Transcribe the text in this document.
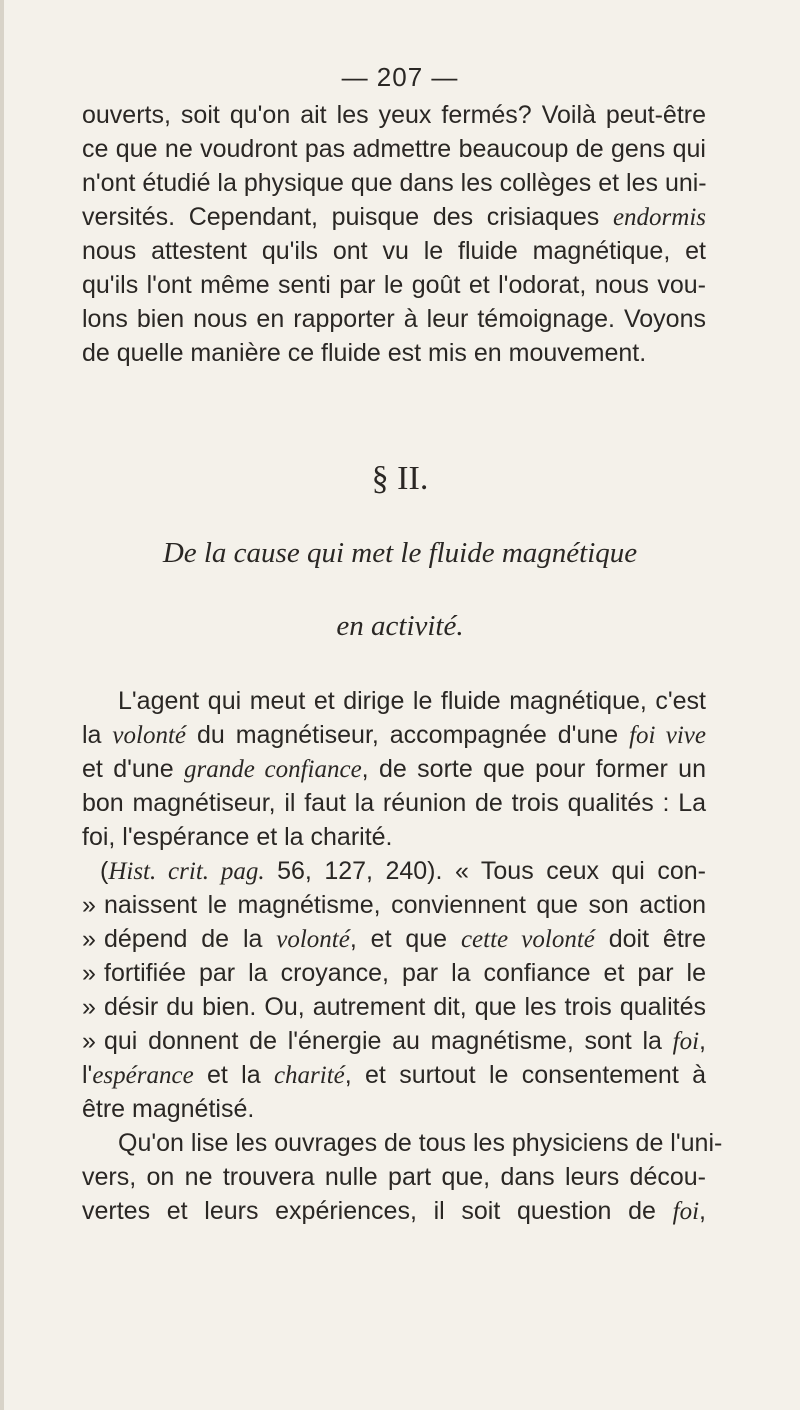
— 207 —
ouverts, soit qu'on ait les yeux fermés? Voilà peut-être
ce que ne voudront pas admettre beaucoup de gens qui
n'ont étudié la physique que dans les collèges et les uni-
versités. Cependant, puisque des crisiaques endormis
nous attestent qu'ils ont vu le fluide magnétique, et
qu'ils l'ont même senti par le goût et l'odorat, nous vou-
lons bien nous en rapporter à leur témoignage. Voyons
de quelle manière ce fluide est mis en mouvement.
§ II.
De la cause qui met le fluide magnétique
en activité.
L'agent qui meut et dirige le fluide magnétique, c'est
la volonté du magnétiseur, accompagnée d'une foi vive
et d'une grande confiance, de sorte que pour former un
bon magnétiseur, il faut la réunion de trois qualités : La
foi, l'espérance et la charité.
(Hist. crit. pag. 56, 127, 240). « Tous ceux qui con-
» naissent le magnétisme, conviennent que son action
» dépend de la volonté, et que cette volonté doit être
» fortifiée par la croyance, par la confiance et par le
» désir du bien. Ou, autrement dit, que les trois qualités
» qui donnent de l'énergie au magnétisme, sont la foi,
l'espérance et la charité, et surtout le consentement à
être magnétisé.
Qu'on lise les ouvrages de tous les physiciens de l'uni-
vers, on ne trouvera nulle part que, dans leurs décou-
vertes et leurs expériences, il soit question de foi,
